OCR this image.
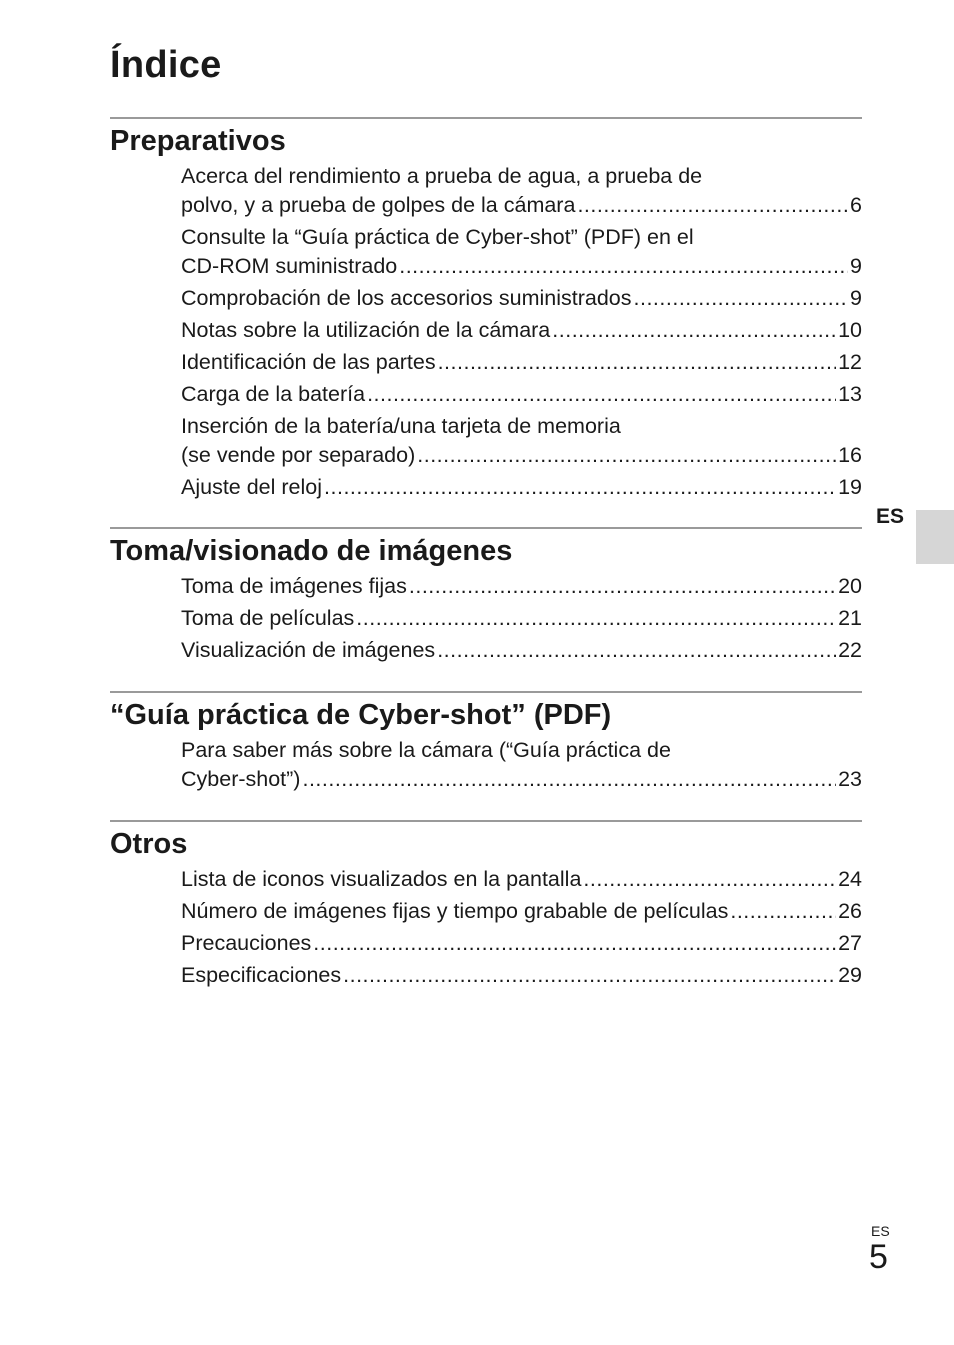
Índice
Preparativos
Acerca del rendimiento a prueba de agua, a prueba de
polvo, y a prueba de golpes de la cámara .....	6
Consulte la “Guía práctica de Cyber-shot” (PDF) en el
CD-ROM suministrado .....	9
Comprobación de los accesorios suministrados .....	9
Notas sobre la utilización de la cámara .....	10
Identificación de las partes .....	12
Carga de la batería .....	13
Inserción de la batería/una tarjeta de memoria
(se vende por separado) .....	16
Ajuste del reloj .....	19
Toma/visionado de imágenes
Toma de imágenes fijas .....	20
Toma de películas .....	21
Visualización de imágenes .....	22
“Guía práctica de Cyber-shot” (PDF)
Para saber más sobre la cámara (“Guía práctica de
Cyber-shot”) .....	23
Otros
Lista de iconos visualizados en la pantalla .....	24
Número de imágenes fijas y tiempo grabable de películas .....	26
Precauciones .....	27
Especificaciones .....	29
ES
ES
5
